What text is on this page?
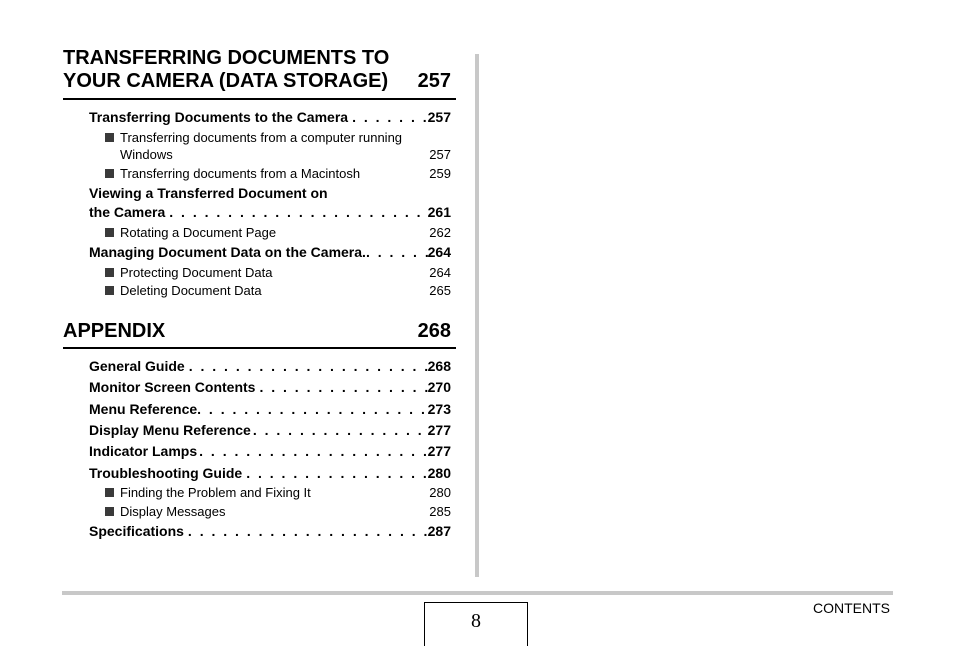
TRANSFERRING DOCUMENTS TO
YOUR CAMERA (DATA STORAGE)	257
Transferring Documents to the Camera . . .	257
Transferring documents from a computer running
Windows	257
Transferring documents from a Macintosh	259
Viewing a Transferred Document on
the Camera . . .	261
Rotating a Document Page	262
Managing Document Data on the Camera. . . .	264
Protecting Document Data	264
Deleting Document Data	265
APPENDIX	268
General Guide . . .	268
Monitor Screen Contents . . .	270
Menu Reference . . .	273
Display Menu Reference . . .	277
Indicator Lamps . . .	277
Troubleshooting Guide . . .	280
Finding the Problem and Fixing It	280
Display Messages	285
Specifications . . .	287
8
CONTENTS
